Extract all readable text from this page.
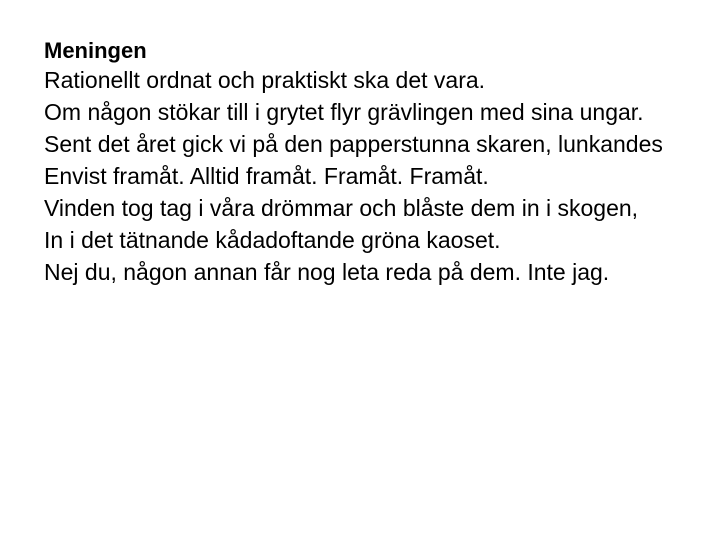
Meningen
Rationellt ordnat och praktiskt ska det vara.
Om någon stökar till i grytet flyr grävlingen med sina ungar.
Sent det året gick vi på den papperstunna skaren, lunkandes
Envist framåt. Alltid framåt. Framåt. Framåt.
Vinden tog tag i våra drömmar och blåste dem in i skogen,
In i det tätnande kådadoftande gröna kaoset.
Nej du, någon annan får nog leta reda på dem. Inte jag.
